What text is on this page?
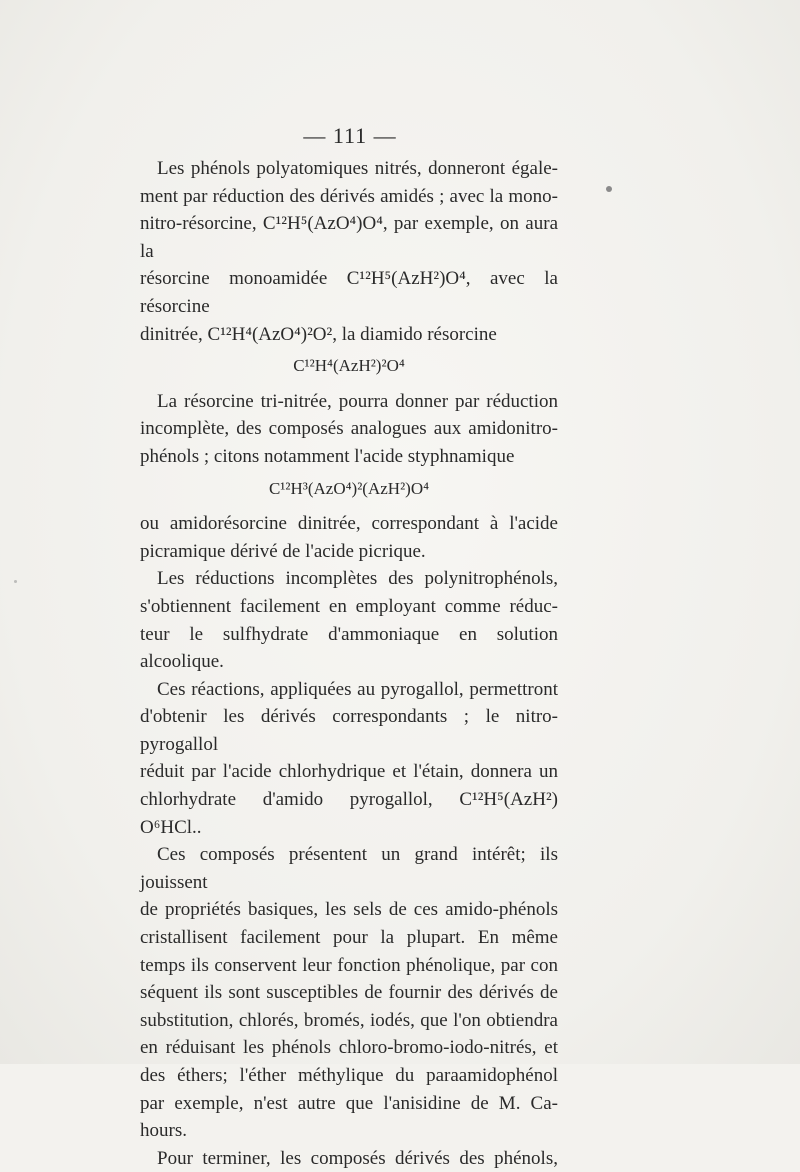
— 111 —

Les phénols polyatomiques nitrés, donneront égale-

ment par réduction des dérivés amidés ; avec la mono-

nitro-résorcine, C¹²H⁵(AzO⁴)O⁴, par exemple, on aura la

résorcine monoamidée C¹²H⁵(AzH²)O⁴, avec la résorcine

dinitrée, C¹²H⁴(AzO⁴)²O², la diamido résorcine

C¹²H⁴(AzH²)²O⁴

La résorcine tri-nitrée, pourra donner par réduction

incomplète, des composés analogues aux amidonitro-

phénols ; citons notamment l'acide styphnamique

C¹²H³(AzO⁴)²(AzH²)O⁴

ou amidorésorcine dinitrée, correspondant à l'acide

picramique dérivé de l'acide picrique.

Les réductions incomplètes des polynitrophénols,

s'obtiennent facilement en employant comme réduc-

teur le sulfhydrate d'ammoniaque en solution alcoolique.

Ces réactions, appliquées au pyrogallol, permettront

d'obtenir les dérivés correspondants ; le nitro-pyrogallol

réduit par l'acide chlorhydrique et l'étain, donnera un

chlorhydrate d'amido pyrogallol, C¹²H⁵(AzH²) O⁶HCl..

Ces composés présentent un grand intérêt; ils jouissent

de propriétés basiques, les sels de ces amido-phénols

cristallisent facilement pour la plupart. En même

temps ils conservent leur fonction phénolique, par con

séquent ils sont susceptibles de fournir des dérivés de

substitution, chlorés, bromés, iodés, que l'on obtiendra

en réduisant les phénols chloro-bromo-iodo-nitrés, et

des éthers; l'éther méthylique du paraamidophénol

par exemple, n'est autre que l'anisidine de M. Ca-

hours.

Pour terminer, les composés dérivés des phénols,
